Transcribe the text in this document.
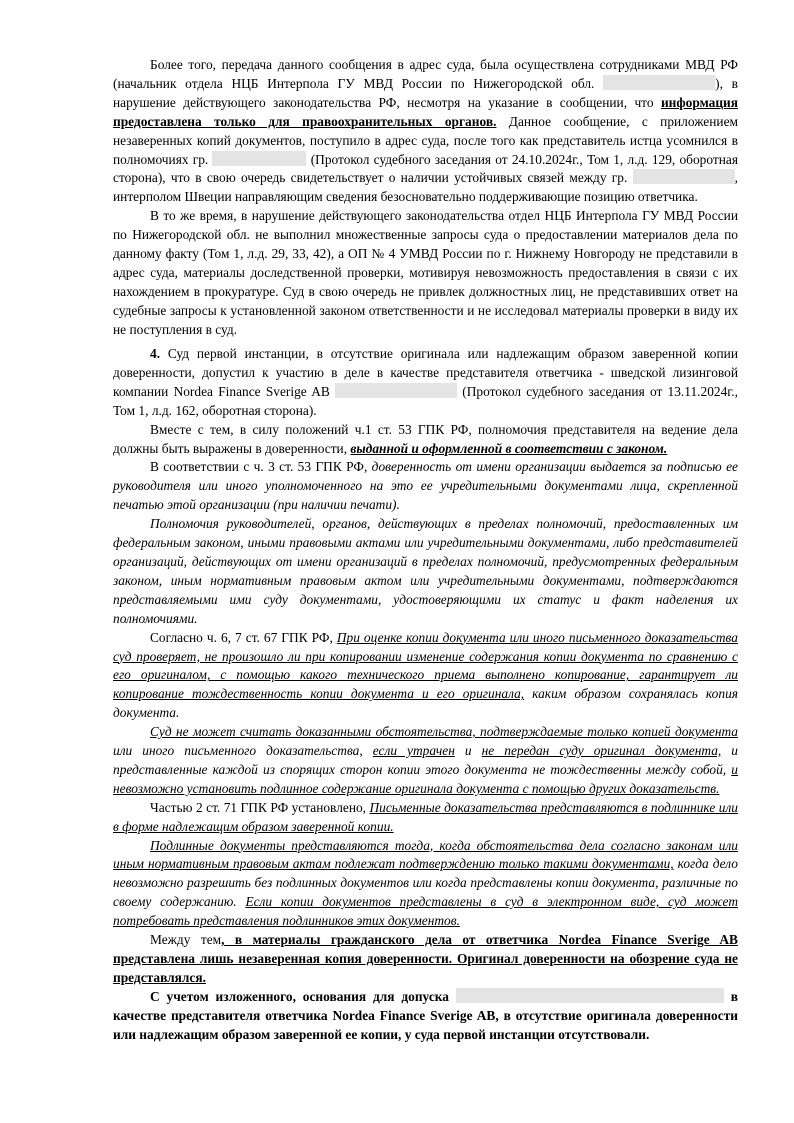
Более того, передача данного сообщения в адрес суда, была осуществлена сотрудниками МВД РФ (начальник отдела НЦБ Интерпола ГУ МВД России по Нижегородской обл.	), в нарушение действующего законодательства РФ, несмотря на указание в сообщении, что информация предоставлена только для правоохранительных органов. Данное сообщение, с приложением незаверенных копий документов, поступило в адрес суда, после того как представитель истца усомнился в полномочиях гр.	(Протокол судебного заседания от 24.10.2024г., Том 1, л.д. 129, оборотная сторона), что в свою очередь свидетельствует о наличии устойчивых связей между гр.	, интерполом Швеции направляющим сведения безосновательно поддерживающие позицию ответчика.

В то же время, в нарушение действующего законодательства отдел НЦБ Интерпола ГУ МВД России по Нижегородской обл. не выполнил множественные запросы суда о предоставлении материалов дела по данному факту (Том 1, л.д. 29, 33, 42), а ОП № 4 УМВД России по г. Нижнему Новгороду не представили в адрес суда, материалы доследственной проверки, мотивируя невозможность предоставления в связи с их нахождением в прокуратуре. Суд в свою очередь не привлек должностных лиц, не представивших ответ на судебные запросы к установленной законом ответственности и не исследовал материалы проверки в виду их не поступления в суд.

4. Суд первой инстанции, в отсутствие оригинала или надлежащим образом заверенной копии доверенности, допустил к участию в деле в качестве представителя ответчика - шведской лизинговой компании Nordea Finance Sverige AB	(Протокол судебного заседания от 13.11.2024г., Том 1, л.д. 162, оборотная сторона).

Вместе с тем, в силу положений ч.1 ст. 53 ГПК РФ, полномочия представителя на ведение дела должны быть выражены в доверенности, выданной и оформленной в соответствии с законом.

В соответствии с ч. 3 ст. 53 ГПК РФ, доверенность от имени организации выдается за подписью ее руководителя или иного уполномоченного на это ее учредительными документами лица, скрепленной печатью этой организации (при наличии печати).

Полномочия руководителей, органов, действующих в пределах полномочий, предоставленных им федеральным законом, иными правовыми актами или учредительными документами, либо представителей организаций, действующих от имени организаций в пределах полномочий, предусмотренных федеральным законом, иным нормативным правовым актом или учредительными документами, подтверждаются представляемыми ими суду документами, удостоверяющими их статус и факт наделения их полномочиями.

Согласно ч. 6, 7 ст. 67 ГПК РФ, При оценке копии документа или иного письменного доказательства суд проверяет, не произошло ли при копировании изменение содержания копии документа по сравнению с его оригиналом, с помощью какого технического приема выполнено копирование, гарантирует ли копирование тождественность копии документа и его оригинала, каким образом сохранялась копия документа.

Суд не может считать доказанными обстоятельства, подтверждаемые только копией документа или иного письменного доказательства, если утрачен и не передан суду оригинал документа, и представленные каждой из спорящих сторон копии этого документа не тождественны между собой, и невозможно установить подлинное содержание оригинала документа с помощью других доказательств.

Частью 2 ст. 71 ГПК РФ установлено, Письменные доказательства представляются в подлиннике или в форме надлежащим образом заверенной копии.

Подлинные документы представляются тогда, когда обстоятельства дела согласно законам или иным нормативным правовым актам подлежат подтверждению только такими документами, когда дело невозможно разрешить без подлинных документов или когда представлены копии документа, различные по своему содержанию. Если копии документов представлены в суд в электронном виде, суд может потребовать представления подлинников этих документов.

Между тем, в материалы гражданского дела от ответчика Nordea Finance Sverige AB представлена лишь незаверенная копия доверенности. Оригинал доверенности на обозрение суда не представлялся.

С учетом изложенного, основания для допуска	в качестве представителя ответчика Nordea Finance Sverige AB, в отсутствие оригинала доверенности или надлежащим образом заверенной ее копии, у суда первой инстанции отсутствовали.
